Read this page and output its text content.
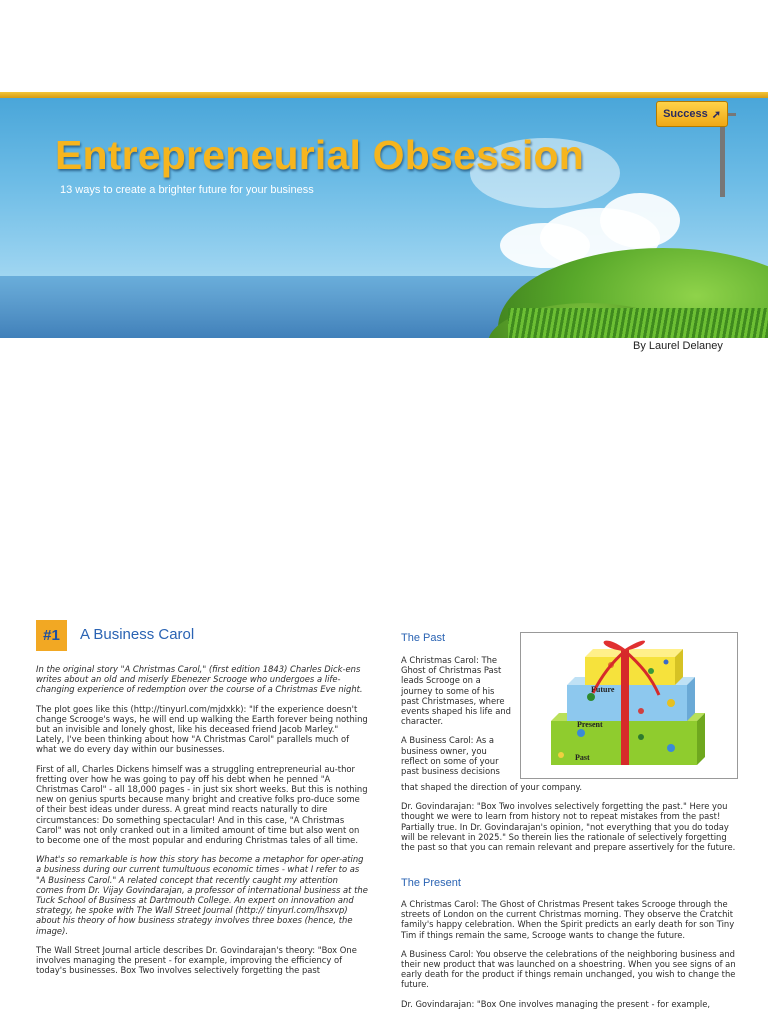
Entrepreneurial Obsession
13 ways to create a brighter future for your business
Success ➚
By Laurel Delaney
#1	A Business Carol

In the original story "A Christmas Carol," (first edition 1843) Charles Dick-ens writes about an old and miserly Ebenezer Scrooge who undergoes a life-changing experience of redemption over the course of a Christmas Eve night.

The plot goes like this (http://tinyurl.com/mjdxkk): "If the experience doesn't change Scrooge's ways, he will end up walking the Earth forever being nothing but an invisible and lonely ghost, like his deceased friend Jacob Marley." Lately, I've been thinking about how "A Christmas Carol" parallels much of what we do every day within our businesses.

First of all, Charles Dickens himself was a struggling entrepreneurial au-thor fretting over how he was going to pay off his debt when he penned "A Christmas Carol" - all 18,000 pages - in just six short weeks. But this is nothing new on genius spurts because many bright and creative folks pro-duce some of their best ideas under duress. A great mind reacts naturally to dire circumstances: Do something spectacular! And in this case, "A Christmas Carol" was not only cranked out in a limited amount of time but also went on to become one of the most popular and enduring Christmas tales of all time.

What's so remarkable is how this story has become a metaphor for oper-ating a business during our current tumultuous economic times - what I refer to as "A Business Carol." A related concept that recently caught my attention comes from Dr. Vijay Govindarajan, a professor of international business at the Tuck School of Business at Dartmouth College. An expert on innovation and strategy, he spoke with The Wall Street Journal (http:// tinyurl.com/lhsxvp) about his theory of how business strategy involves three boxes (hence, the image).

The Wall Street Journal article describes Dr. Govindarajan's theory: "Box One involves managing the present - for example, improving the efficiency of today's businesses. Box Two involves selectively forgetting the past

The Past

A Christmas Carol: The Ghost of Christmas Past leads Scrooge on a journey to some of his past Christmases, where events shaped his life and character.

A Business Carol: As a business owner, you reflect on some of your past business decisions

that shaped the direction of your company.

Dr. Govindarajan: "Box Two involves selectively forgetting the past." Here you thought we were to learn from history not to repeat mistakes from the past! Partially true. In Dr. Govindarajan's opinion, "not everything that you do today will be relevant in 2025." So therein lies the rationale of selectively forgetting the past so that you can remain relevant and prepare assertively for the future.

The Present

A Christmas Carol: The Ghost of Christmas Present takes Scrooge through the streets of London on the current Christmas morning. They observe the Cratchit family's happy celebration. When the Spirit predicts an early death for son Tiny Tim if things remain the same, Scrooge wants to change the future.

A Business Carol: You observe the celebrations of the neighboring business and their new product that was launched on a shoestring. When you see signs of an early death for the product if things remain unchanged, you wish to change the future.

Dr. Govindarajan: "Box One involves managing the present - for example,

Future
Present
Past
